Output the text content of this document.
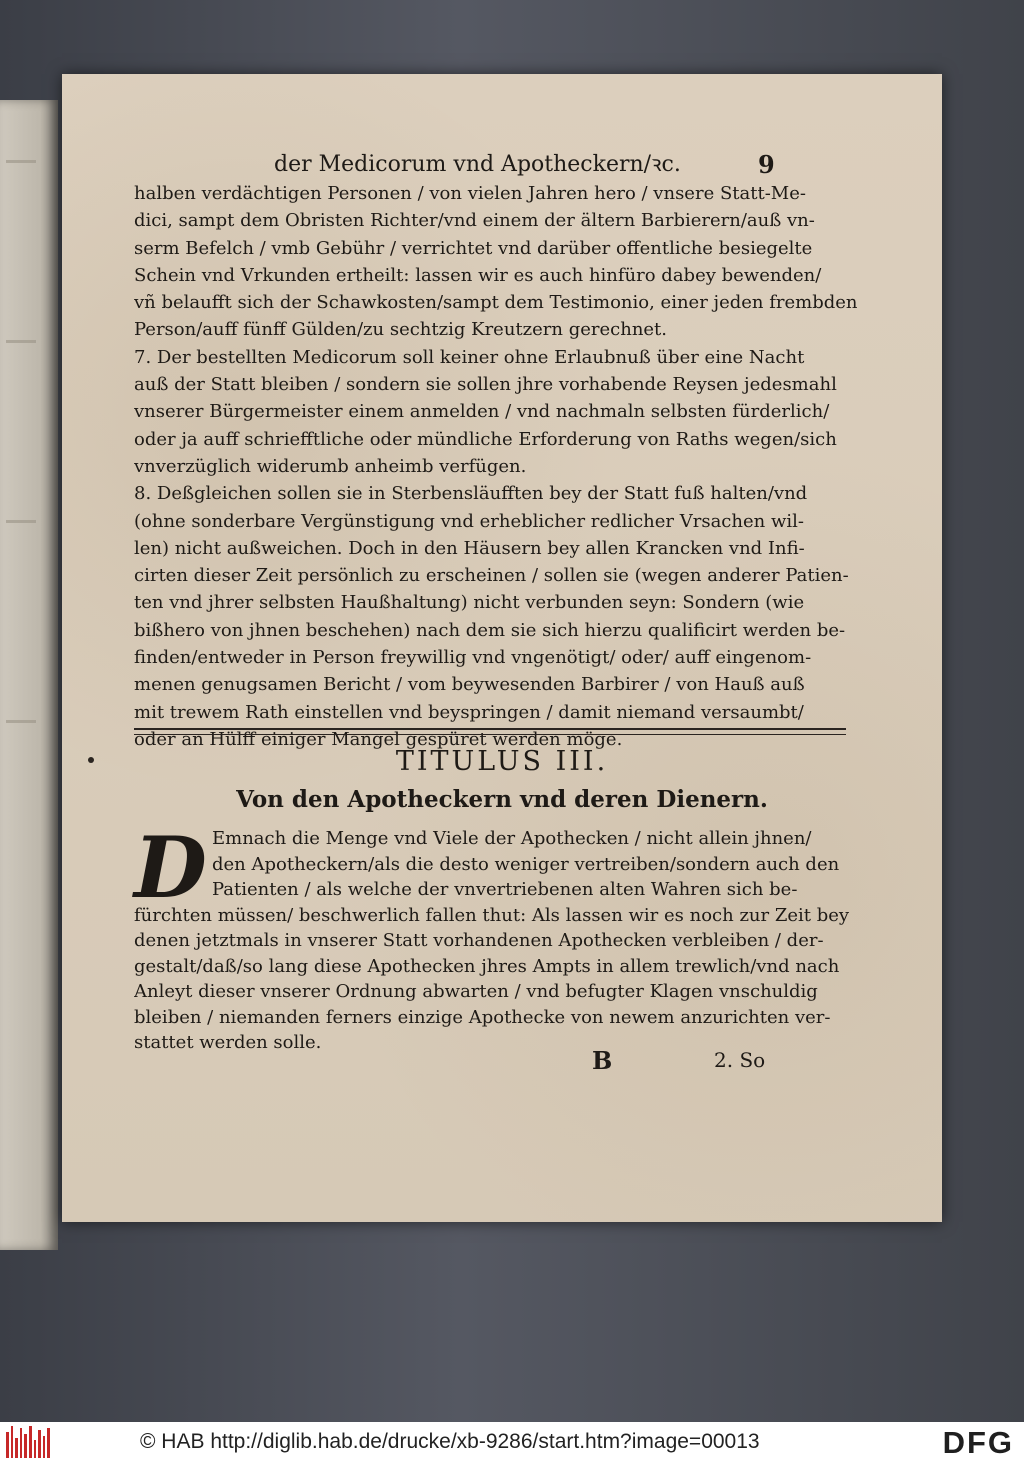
der Medicorum vnd Apotheckern/ꝛc.	9
halben verdächtigen Personen / von vielen Jahren hero / vnsere Statt-Me-
dici, sampt dem Obristen Richter/vnd einem der ältern Barbierern/auß vn-
serm Befelch / vmb Gebühr / verrichtet vnd darüber offentliche besiegelte
Schein vnd Vrkunden ertheilt: lassen wir es auch hinfüro dabey bewenden/
vñ belaufft sich der Schawkosten/sampt dem Testimonio, einer jeden frembden
Person/auff fünff Gülden/zu sechtzig Kreutzern gerechnet.
7. Der bestellten Medicorum soll keiner ohne Erlaubnuß über eine Nacht
auß der Statt bleiben / sondern sie sollen jhre vorhabende Reysen jedesmahl
vnserer Bürgermeister einem anmelden / vnd nachmaln selbsten fürderlich/
oder ja auff schriefftliche oder mündliche Erforderung von Raths wegen/sich
vnverzüglich widerumb anheimb verfügen.
8. Deßgleichen sollen sie in Sterbensläufften bey der Statt fuß halten/vnd
(ohne sonderbare Vergünstigung vnd erheblicher redlicher Vrsachen wil-
len) nicht außweichen. Doch in den Häusern bey allen Krancken vnd Infi-
cirten dieser Zeit persönlich zu erscheinen / sollen sie (wegen anderer Patien-
ten vnd jhrer selbsten Haußhaltung) nicht verbunden seyn: Sondern (wie
bißhero von jhnen beschehen) nach dem sie sich hierzu qualificirt werden be-
finden/entweder in Person freywillig vnd vngenötigt/ oder/ auff eingenom-
menen genugsamen Bericht / vom beywesenden Barbirer / von Hauß auß
mit trewem Rath einstellen vnd beyspringen / damit niemand versaumbt/
oder an Hülff einiger Mangel gespüret werden möge.
TITULUS III.
Von den Apotheckern vnd deren Dienern.
D Emnach die Menge vnd Viele der Apothecken / nicht allein jhnen/
den Apotheckern/als die desto weniger vertreiben/sondern auch den
Patienten / als welche der vnvertriebenen alten Wahren sich be-
fürchten müssen/ beschwerlich fallen thut: Als lassen wir es noch zur Zeit bey
denen jetztmals in vnserer Statt vorhandenen Apothecken verbleiben / der-
gestalt/daß/so lang diese Apothecken jhres Ampts in allem trewlich/vnd nach
Anleyt dieser vnserer Ordnung abwarten / vnd befugter Klagen vnschuldig
bleiben / niemanden ferners einzige Apothecke von newem anzurichten ver-
stattet werden solle.
B	2. So
© HAB http://diglib.hab.de/drucke/xb-9286/start.htm?image=00013	DFG
